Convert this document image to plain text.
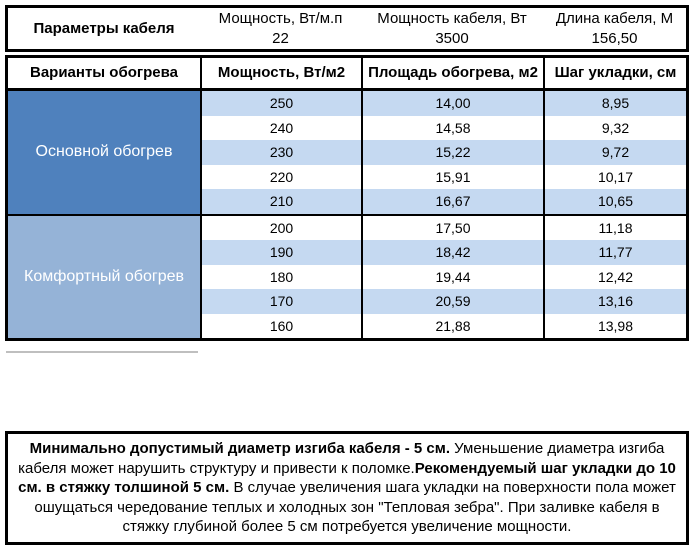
Параметры кабеля
Мощность, Вт/м.п	Мощность кабеля, Вт	Длина кабеля, М
22	3500	156,50
Варианты обогрева	Мощность, Вт/м2	Площадь обогрева, м2	Шаг укладки, см
Основной обогрев
250	14,00	8,95
240	14,58	9,32
230	15,22	9,72
220	15,91	10,17
210	16,67	10,65
Комфортный обогрев
200	17,50	11,18
190	18,42	11,77
180	19,44	12,42
170	20,59	13,16
160	21,88	13,98

Минимально допустимый диаметр изгиба кабеля - 5 см. Уменьшение диаметра изгиба кабеля может нарушить структуру и привести к поломке.Рекомендуемый шаг укладки до 10 см. в стяжку толшиной 5 см. В случае увеличения шага укладки на поверхности пола может ошущаться чередование теплых и холодных зон "Тепловая зебра". При заливке кабеля в стяжку глубиной более 5 см потребуется увеличение мощности.
